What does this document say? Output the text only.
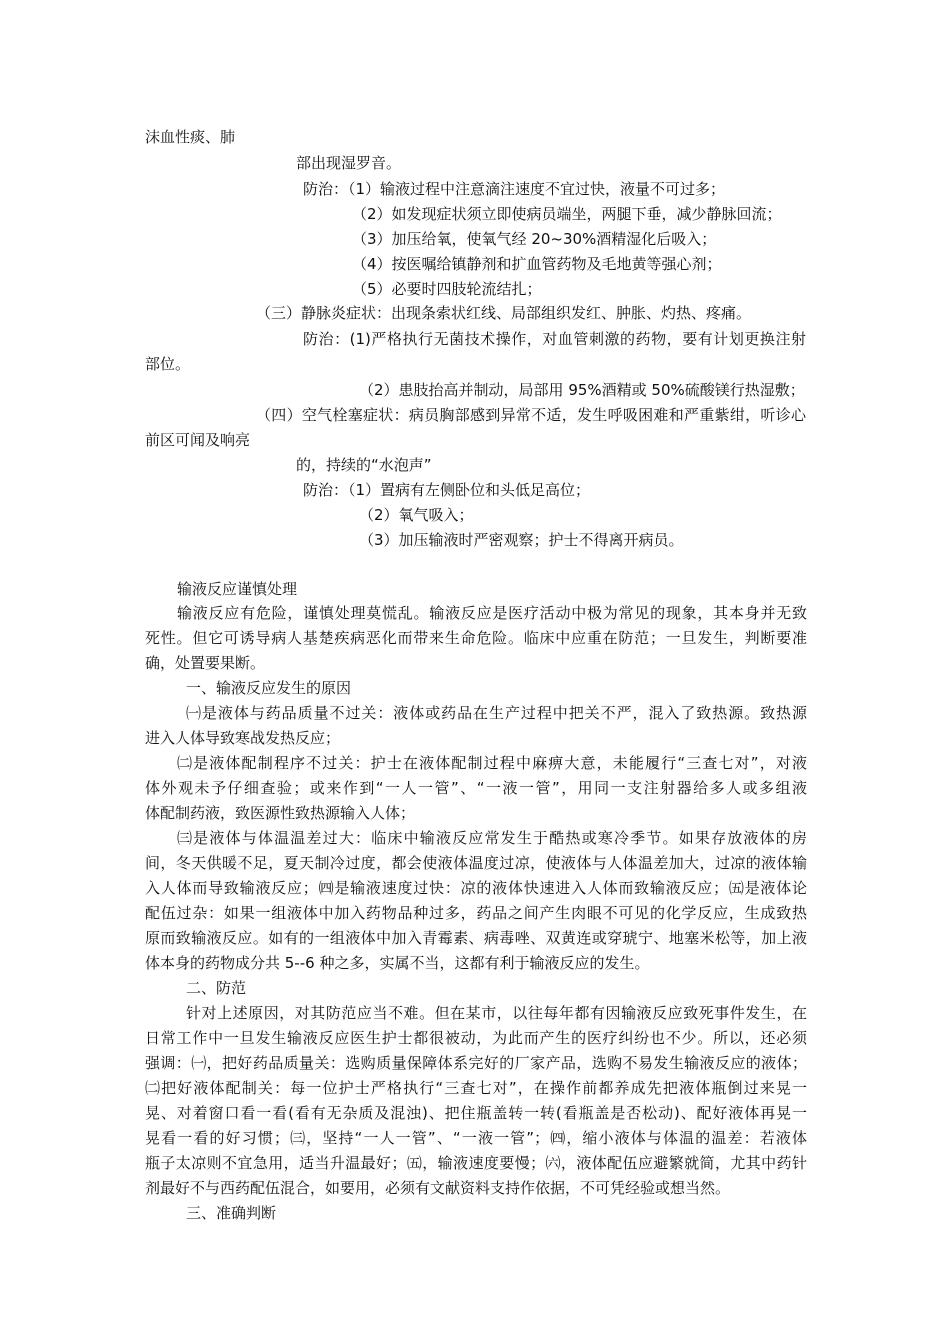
沫血性痰、肺
部出现湿罗音。
防治：（1）输液过程中注意滴注速度不宜过快，液量不可过多；
（2）如发现症状须立即使病员端坐，两腿下垂，减少静脉回流；
（3）加压给氧，使氧气经 20~30%酒精湿化后吸入；
（4）按医嘱给镇静剂和扩血管药物及毛地黄等强心剂；
（5）必要时四肢轮流结扎；
（三）静脉炎症状：出现条索状红线、局部组织发红、肿胀、灼热、疼痛。
防治：(1)严格执行无菌技术操作，对血管刺激的药物，要有计划更换注射
部位。
（2）患肢抬高并制动，局部用 95%酒精或 50%硫酸镁行热湿敷；
（四）空气栓塞症状：病员胸部感到异常不适，发生呼吸困难和严重紫绀，听诊心
前区可闻及响亮
的，持续的“水泡声”
防治：（1）置病有左侧卧位和头低足高位；
（2）氧气吸入；
（3）加压输液时严密观察；护士不得离开病员。
输液反应谨慎处理
输液反应有危险，谨慎处理莫慌乱。输液反应是医疗活动中极为常见的现象，其本身并无致
死性。但它可诱导病人基楚疾病恶化而带来生命危险。临床中应重在防范；一旦发生，判断要准
确，处置要果断。
一、输液反应发生的原因
㈠是液体与药品质量不过关：液体或药品在生产过程中把关不严，混入了致热源。致热源
进入人体导致寒战发热反应；
㈡是液体配制程序不过关：护士在液体配制过程中麻痹大意，未能履行“三查七对”，对液
体外观未予仔细查验；或来作到“一人一管”、“一液一管”，用同一支注射器给多人或多组液
体配制药液，致医源性致热源输入人体；
㈢是液体与体温温差过大：临床中输液反应常发生于酷热或寒冷季节。如果存放液体的房
间，冬天供暖不足，夏天制冷过度，都会使液体温度过凉，使液体与人体温差加大，过凉的液体输
入人体而导致输液反应；㈣是输液速度过快：凉的液体快速进入人体而致输液反应；㈤是液体论
配伍过杂：如果一组液体中加入药物品种过多，药品之间产生肉眼不可见的化学反应，生成致热
原而致输液反应。如有的一组液体中加入青霉素、病毒唑、双黄连或穿琥宁、地塞米松等，加上液
体本身的药物成分共 5--6 种之多，实属不当，这都有利于输液反应的发生。
二、防范
针对上述原因，对其防范应当不难。但在某市，以往每年都有因输液反应致死事件发生，在
日常工作中一旦发生输液反应医生护士都很被动，为此而产生的医疗纠纷也不少。所以，还必须
强调：㈠，把好药品质量关：选购质量保障体系完好的厂家产品，选购不易发生输液反应的液体；
㈡把好液体配制关：每一位护士严格执行“三查七对”，在操作前都养成先把液体瓶倒过来晃一
晃、对着窗口看一看(看有无杂质及混浊)、把住瓶盖转一转(看瓶盖是否松动)、配好液体再晃一
晃看一看的好习惯；㈢，坚持“一人一管”、“一液一管”；㈣，缩小液体与体温的温差：若液体
瓶子太凉则不宜急用，适当升温最好；㈤，输液速度要慢；㈥，液体配伍应避繁就简，尤其中药针
剂最好不与西药配伍混合，如要用，必须有文献资料支持作依据，不可凭经验或想当然。
三、准确判断
